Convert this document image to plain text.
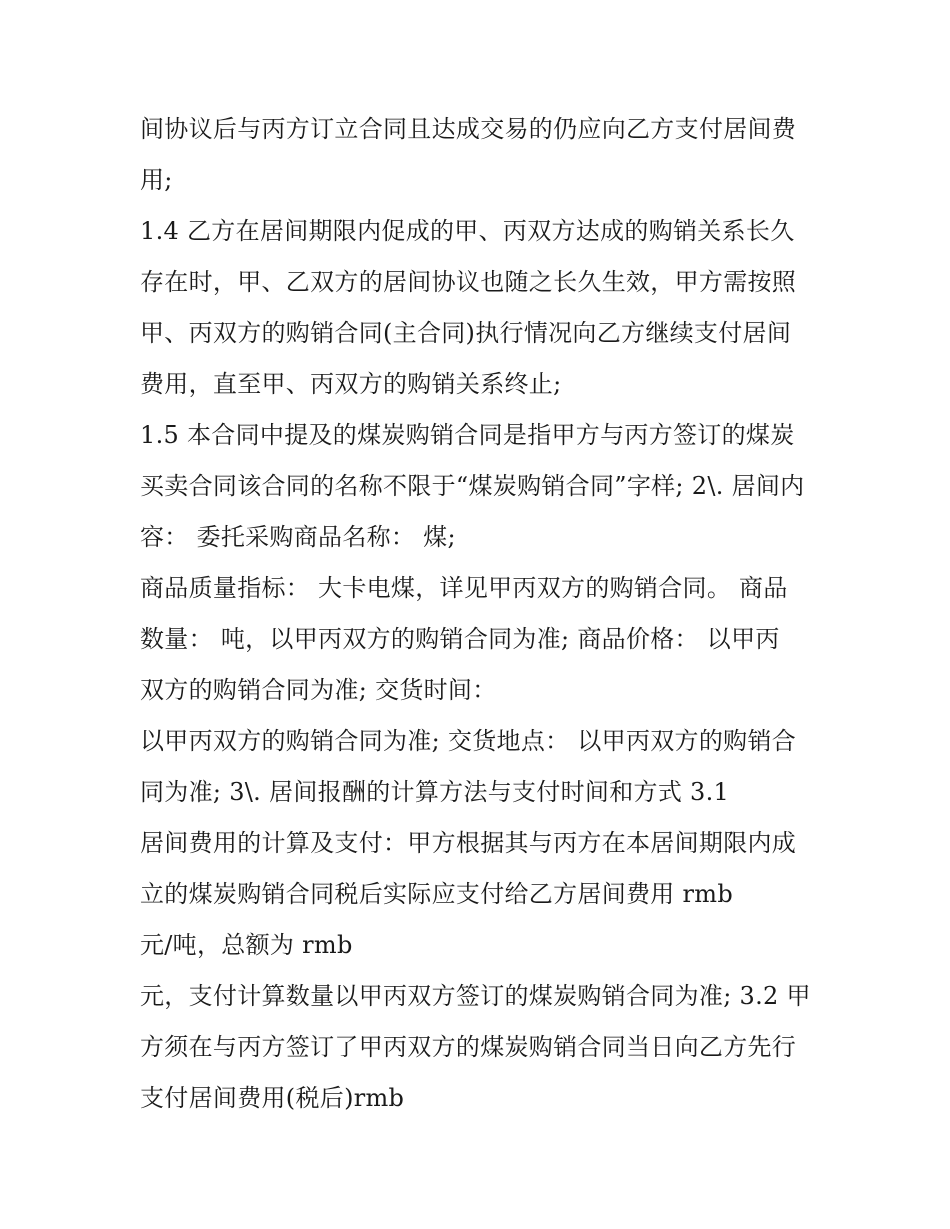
间协议后与丙方订立合同且达成交易的仍应向乙方支付居间费
用;
1.4 乙方在居间期限内促成的甲、丙双方达成的购销关系长久
存在时，甲、乙双方的居间协议也随之长久生效，甲方需按照
甲、丙双方的购销合同(主合同)执行情况向乙方继续支付居间
费用，直至甲、丙双方的购销关系终止;
1.5 本合同中提及的煤炭购销合同是指甲方与丙方签订的煤炭
买卖合同该合同的名称不限于“煤炭购销合同”字样; 2\. 居间内
容： 委托采购商品名称： 煤;
商品质量指标： 大卡电煤，详见甲丙双方的购销合同。 商品
数量： 吨，以甲丙双方的购销合同为准; 商品价格： 以甲丙
双方的购销合同为准; 交货时间：
以甲丙双方的购销合同为准; 交货地点： 以甲丙双方的购销合
同为准; 3\. 居间报酬的计算方法与支付时间和方式 3.1
居间费用的计算及支付：甲方根据其与丙方在本居间期限内成
立的煤炭购销合同税后实际应支付给乙方居间费用 rmb
元/吨，总额为 rmb
元，支付计算数量以甲丙双方签订的煤炭购销合同为准; 3.2 甲
方须在与丙方签订了甲丙双方的煤炭购销合同当日向乙方先行
支付居间费用(税后)rmb
